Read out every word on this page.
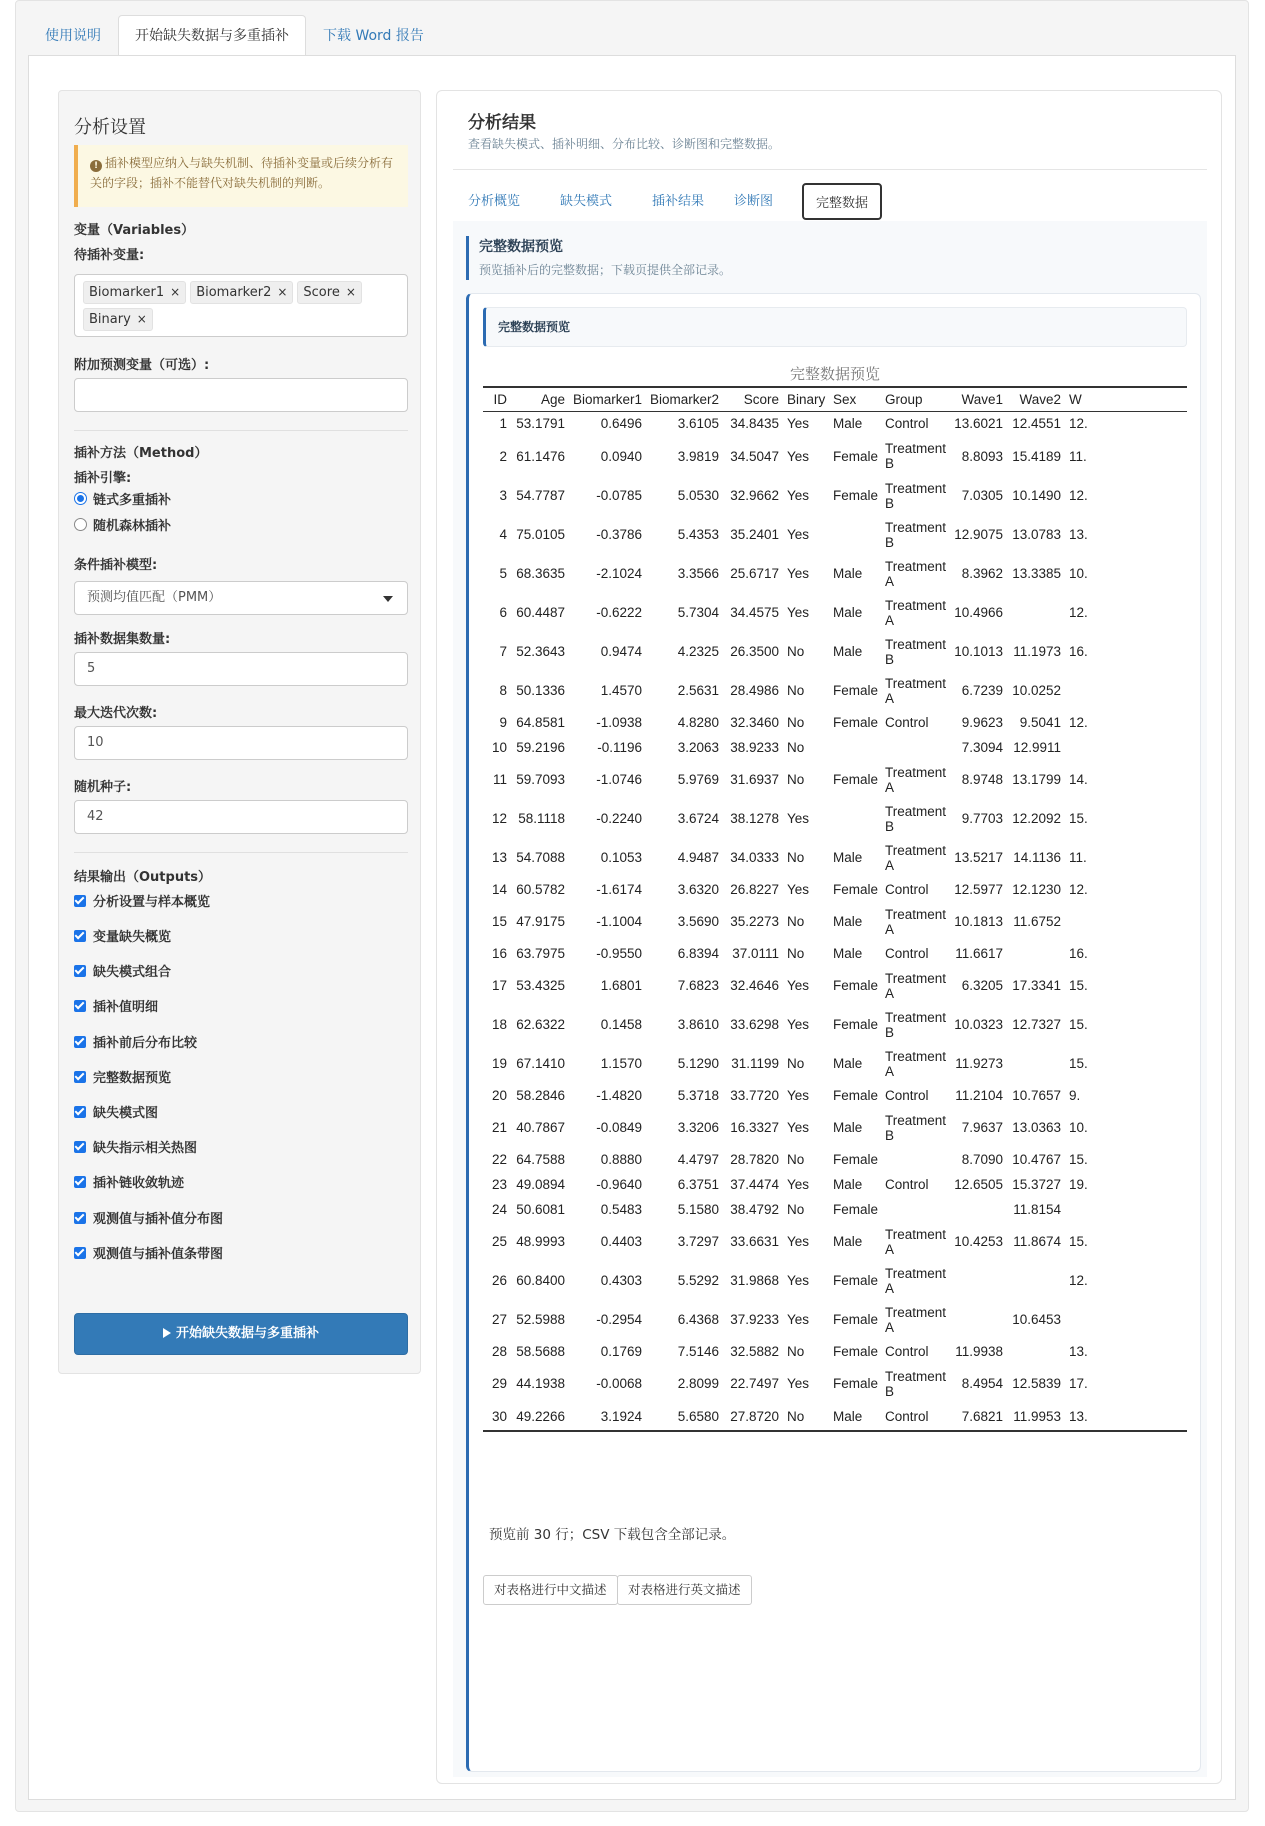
使用说明	开始缺失数据与多重插补	下载 Word 报告
分析设置
! 插补模型应纳入与缺失机制、待插补变量或后续分析有关的字段；插补不能替代对缺失机制的判断。
变量（Variables）
待插补变量:
Biomarker1 × Biomarker2 × Score ×
Binary ×
附加预测变量（可选）:
插补方法（Method）
插补引擎:
链式多重插补
随机森林插补
条件插补模型:
预测均值匹配（PMM）
插补数据集数量:
5
最大迭代次数:
10
随机种子:
42
结果输出（Outputs）
分析设置与样本概览
变量缺失概览
缺失模式组合
插补值明细
插补前后分布比较
完整数据预览
缺失模式图
缺失指示相关热图
插补链收敛轨迹
观测值与插补值分布图
观测值与插补值条带图
开始缺失数据与多重插补
分析结果
查看缺失模式、插补明细、分布比较、诊断图和完整数据。
分析概览	缺失模式	插补结果 诊断图	完整数据
完整数据预览
预览插补后的完整数据；下载页提供全部记录。
完整数据预览
完整数据预览
ID	Age	Biomarker1	Biomarker2	Score	Binary	Sex	Group	Wave1	Wave2	W
1	53.1791	0.6496	3.6105	34.8435	Yes	Male	Control	13.6021	12.4551	12.
2	61.1476	0.0940	3.9819	34.5047	Yes	Female	Treatment B	8.8093	15.4189	11.
3	54.7787	-0.0785	5.0530	32.9662	Yes	Female	Treatment B	7.0305	10.1490	12.
4	75.0105	-0.3786	5.4353	35.2401	Yes		Treatment B	12.9075	13.0783	13.
5	68.3635	-2.1024	3.3566	25.6717	Yes	Male	Treatment A	8.3962	13.3385	10.
6	60.4487	-0.6222	5.7304	34.4575	Yes	Male	Treatment A	10.4966		12.
7	52.3643	0.9474	4.2325	26.3500	No	Male	Treatment B	10.1013	11.1973	16.
8	50.1336	1.4570	2.5631	28.4986	No	Female	Treatment A	6.7239	10.0252	
9	64.8581	-1.0938	4.8280	32.3460	No	Female	Control	9.9623	9.5041	12.
10	59.2196	-0.1196	3.2063	38.9233	No			7.3094	12.9911	
11	59.7093	-1.0746	5.9769	31.6937	No	Female	Treatment A	8.9748	13.1799	14.
12	58.1118	-0.2240	3.6724	38.1278	Yes		Treatment B	9.7703	12.2092	15.
13	54.7088	0.1053	4.9487	34.0333	No	Male	Treatment A	13.5217	14.1136	11.
14	60.5782	-1.6174	3.6320	26.8227	Yes	Female	Control	12.5977	12.1230	12.
15	47.9175	-1.1004	3.5690	35.2273	No	Male	Treatment A	10.1813	11.6752	
16	63.7975	-0.9550	6.8394	37.0111	No	Male	Control	11.6617		16.
17	53.4325	1.6801	7.6823	32.4646	Yes	Female	Treatment A	6.3205	17.3341	15.
18	62.6322	0.1458	3.8610	33.6298	Yes	Female	Treatment B	10.0323	12.7327	15.
19	67.1410	1.1570	5.1290	31.1199	No	Male	Treatment A	11.9273		15.
20	58.2846	-1.4820	5.3718	33.7720	Yes	Female	Control	11.2104	10.7657	9.
21	40.7867	-0.0849	3.3206	16.3327	Yes	Male	Treatment B	7.9637	13.0363	10.
22	64.7588	0.8880	4.4797	28.7820	No	Female		8.7090	10.4767	15.
23	49.0894	-0.9640	6.3751	37.4474	Yes	Male	Control	12.6505	15.3727	19.
24	50.6081	0.5483	5.1580	38.4792	No	Female			11.8154	
25	48.9993	0.4403	3.7297	33.6631	Yes	Male	Treatment A	10.4253	11.8674	15.
26	60.8400	0.4303	5.5292	31.9868	Yes	Female	Treatment A			12.
27	52.5988	-0.2954	6.4368	37.9233	Yes	Female	Treatment A		10.6453	
28	58.5688	0.1769	7.5146	32.5882	No	Female	Control	11.9938		13.
29	44.1938	-0.0068	2.8099	22.7497	Yes	Female	Treatment B	8.4954	12.5839	17.
30	49.2266	3.1924	5.6580	27.8720	No	Male	Control	7.6821	11.9953	13.
预览前 30 行；CSV 下载包含全部记录。
对表格进行中文描述	对表格进行英文描述
